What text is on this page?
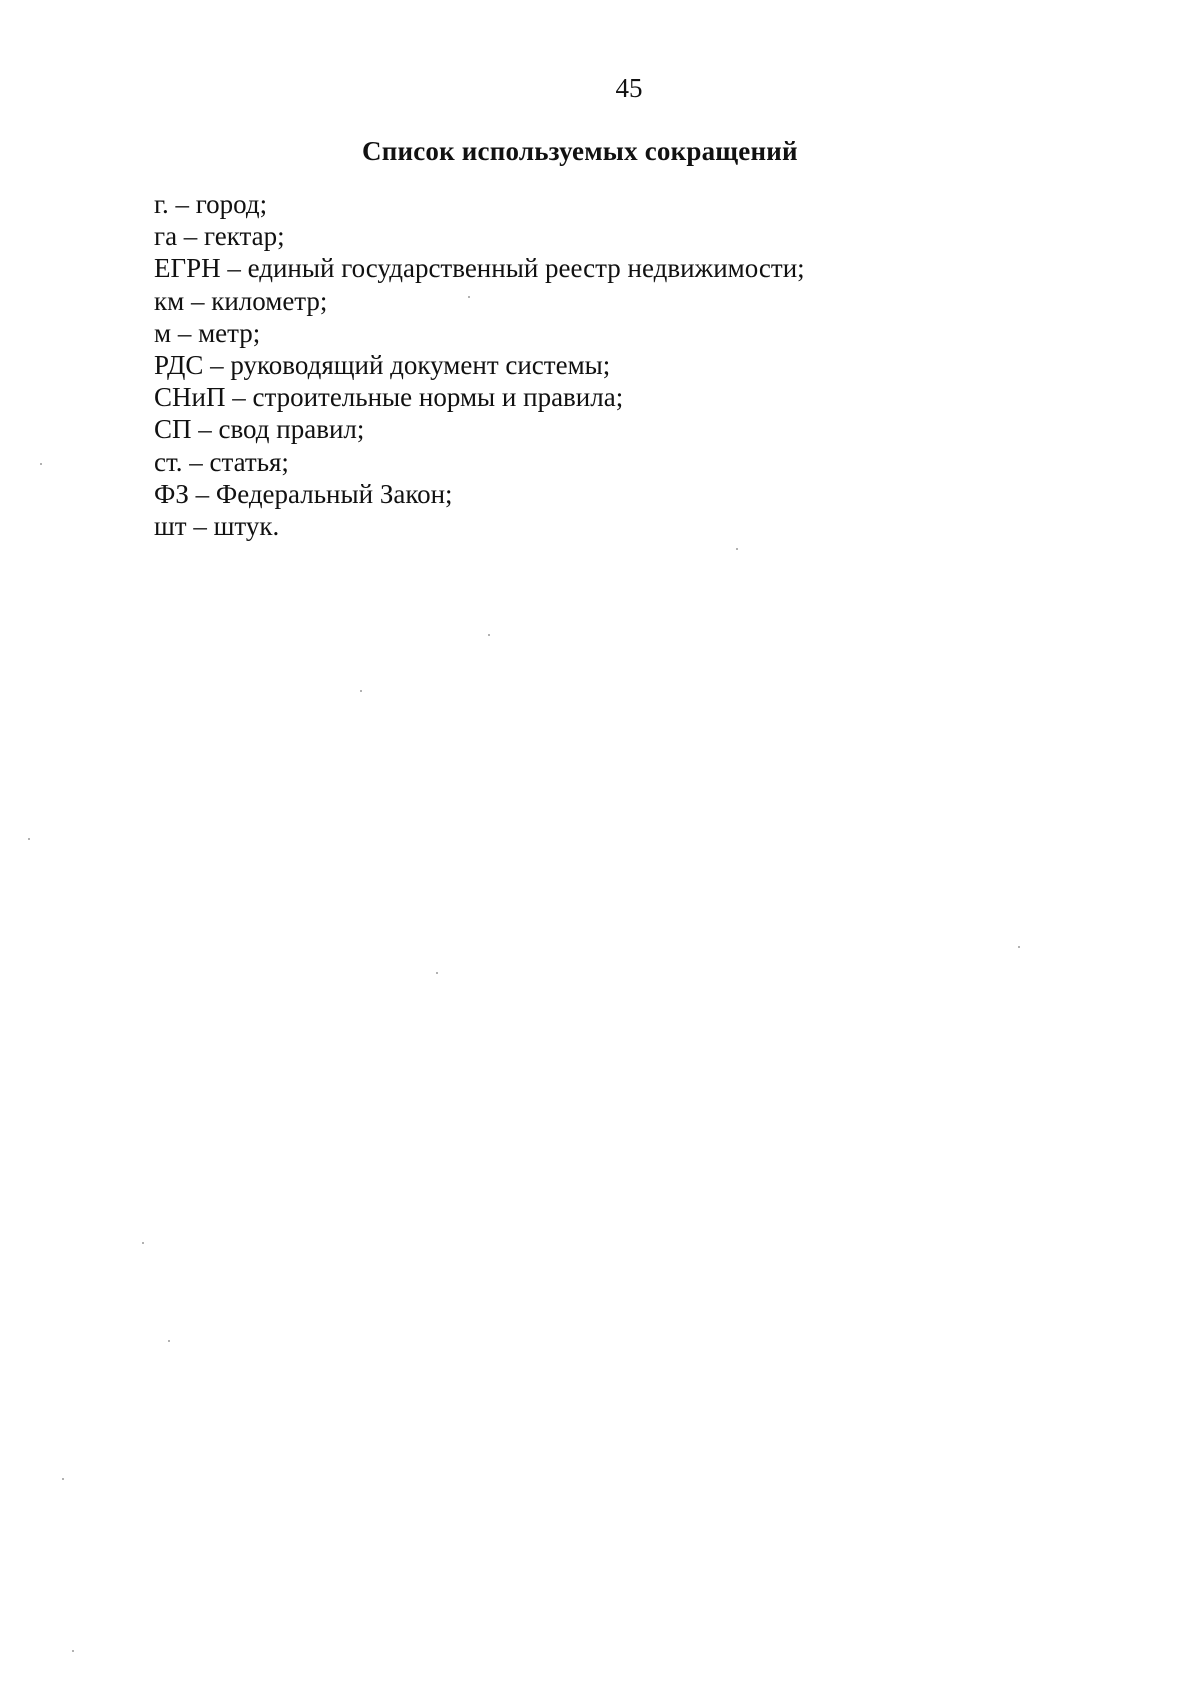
45
Список используемых сокращений
г. – город;
га – гектар;
ЕГРН – единый государственный реестр недвижимости;
км – километр;
м – метр;
РДС – руководящий документ системы;
СНиП – строительные нормы и правила;
СП – свод правил;
ст. – статья;
ФЗ – Федеральный Закон;
шт – штук.
